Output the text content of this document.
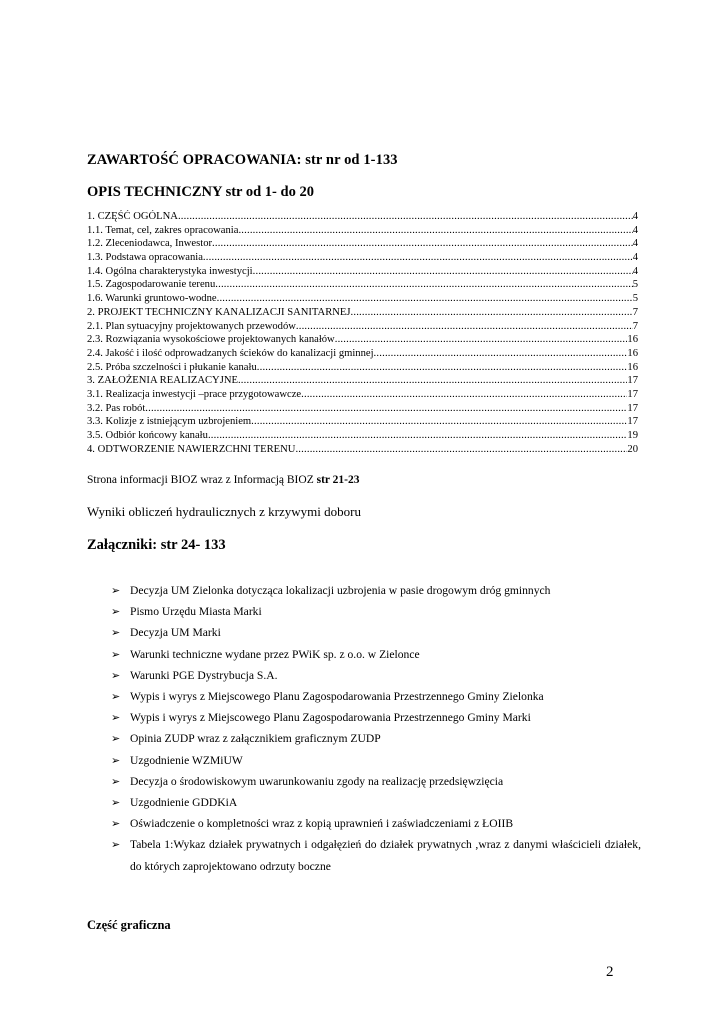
ZAWARTOŚĆ OPRACOWANIA: str nr od 1-133
OPIS TECHNICZNY str od 1- do 20
1. CZĘŚĆ OGÓLNA .....	4
1.1. Temat, cel, zakres opracowania .....	4
1.2. Zleceniodawca, Inwestor .....	4
1.3. Podstawa opracowania .....	4
1.4. Ogólna charakterystyka inwestycji .....	4
1.5. Zagospodarowanie terenu .....	5
1.6. Warunki gruntowo-wodne .....	5
2. PROJEKT TECHNICZNY KANALIZACJI SANITARNEJ .....	7
2.1. Plan sytuacyjny projektowanych przewodów .....	7
2.3. Rozwiązania wysokościowe projektowanych kanałów .....	16
2.4. Jakość i ilość odprowadzanych ścieków do kanalizacji gminnej .....	16
2.5. Próba szczelności i płukanie kanału .....	16
3. ZAŁOŻENIA REALIZACYJNE .....	17
3.1. Realizacja inwestycji –prace przygotowawcze .....	17
3.2. Pas robót .....	17
3.3. Kolizje z istniejącym uzbrojeniem .....	17
3.5. Odbiór końcowy kanału .....	19
4. ODTWORZENIE NAWIERZCHNI TERENU .....	20
Strona informacji BIOZ wraz z Informacją BIOZ str 21-23
Wyniki obliczeń hydraulicznych z krzywymi doboru
Załączniki: str 24- 133
➢ Decyzja UM Zielonka dotycząca lokalizacji uzbrojenia w pasie drogowym dróg gminnych
➢ Pismo Urzędu Miasta Marki
➢ Decyzja UM Marki
➢ Warunki techniczne wydane przez PWiK sp. z o.o. w Zielonce
➢ Warunki PGE Dystrybucja S.A.
➢ Wypis i wyrys z Miejscowego Planu Zagospodarowania Przestrzennego Gminy Zielonka
➢ Wypis i wyrys z Miejscowego Planu Zagospodarowania Przestrzennego Gminy Marki
➢ Opinia ZUDP wraz z załącznikiem graficznym ZUDP
➢ Uzgodnienie WZMiUW
➢ Decyzja o środowiskowym uwarunkowaniu zgody na realizację przedsięwzięcia
➢ Uzgodnienie GDDKiA
➢ Oświadczenie o kompletności wraz z kopią uprawnień i zaświadczeniami z ŁOIIB
➢ Tabela 1:Wykaz działek prywatnych i odgałęzień do działek prywatnych ,wraz z danymi właścicieli działek, do których zaprojektowano odrzuty boczne
Część graficzna
2
